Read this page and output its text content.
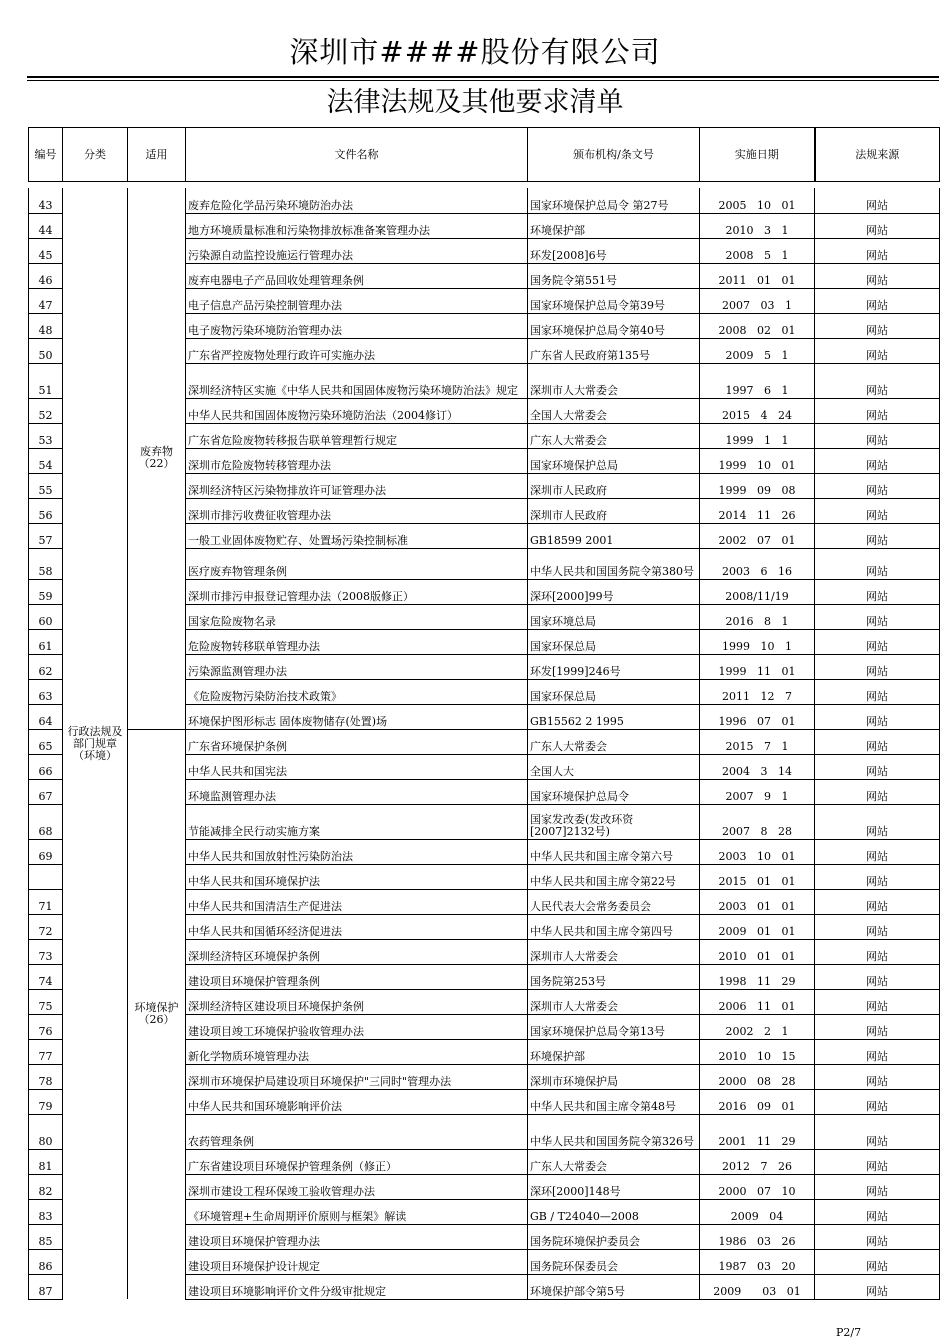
深圳市####股份有限公司
法律法规及其他要求清单
编号	分类	适用	文件名称	颁布机构/条文号	实施日期	法规来源

43	行政法规及部门规章（环境）	废弃物（22）	废弃危险化学品污染环境防治办法	国家环境保护总局令 第27号	2005   10   01	网站
44			地方环境质量标准和污染物排放标准备案管理办法	环境保护部	2010   3   1	网站
45			污染源自动监控设施运行管理办法	环发[2008]6号	2008   5   1	网站
46			废弃电器电子产品回收处理管理条例	国务院令第551号	2011   01   01	网站
47			电子信息产品污染控制管理办法	国家环境保护总局令第39号	2007   03   1	网站
48			电子废物污染环境防治管理办法	国家环境保护总局令第40号	2008   02   01	网站
50			广东省严控废物处理行政许可实施办法	广东省人民政府第135号	2009   5   1	网站
51			深圳经济特区实施《中华人民共和国固体废物污染环境防治法》规定	深圳市人大常委会	1997   6   1	网站
52			中华人民共和国固体废物污染环境防治法（2004修订）	全国人大常委会	2015   4   24	网站
53			广东省危险废物转移报告联单管理暂行规定	广东人大常委会	1999   1   1	网站
54			深圳市危险废物转移管理办法	国家环境保护总局	1999   10   01	网站
55			深圳经济特区污染物排放许可证管理办法	深圳市人民政府	1999   09   08	网站
56			深圳市排污收费征收管理办法	深圳市人民政府	2014   11   26	网站
57			一般工业固体废物贮存、处置场污染控制标准	GB18599 2001	2002   07   01	网站
58			医疗废弃物管理条例	中华人民共和国国务院令第380号	2003   6   16	网站
59			深圳市排污申报登记管理办法（2008版修正）	深环[2000]99号	2008/11/19	网站
60			国家危险废物名录	国家环境总局	2016   8   1	网站
61			危险废物转移联单管理办法	国家环保总局	1999   10   1	网站
62			污染源监测管理办法	环发[1999]246号	1999   11   01	网站
63			《危险废物污染防治技术政策》	国家环保总局	2011   12   7	网站
64			环境保护图形标志 固体废物储存(处置)场	GB15562 2 1995	1996   07   01	网站
65		环境保护（26）	广东省环境保护条例	广东人大常委会	2015   7   1	网站
66			中华人民共和国宪法	全国人大	2004   3   14	网站
67			环境监测管理办法	国家环境保护总局令	2007   9   1	网站
68			节能减排全民行动实施方案	国家发改委(发改环资[2007]2132号)	2007   8   28	网站
69			中华人民共和国放射性污染防治法	中华人民共和国主席令第六号	2003   10   01	网站
			中华人民共和国环境保护法	中华人民共和国主席令第22号	2015   01   01	网站
71			中华人民共和国清洁生产促进法	人民代表大会常务委员会	2003   01   01	网站
72			中华人民共和国循环经济促进法	中华人民共和国主席令第四号	2009   01   01	网站
73			深圳经济特区环境保护条例	深圳市人大常委会	2010   01   01	网站
74			建设项目环境保护管理条例	国务院第253号	1998   11   29	网站
75			深圳经济特区建设项目环境保护条例	深圳市人大常委会	2006   11   01	网站
76			建设项目竣工环境保护验收管理办法	国家环境保护总局令第13号	2002   2   1	网站
77			新化学物质环境管理办法	环境保护部	2010   10   15	网站
78			深圳市环境保护局建设项目环境保护"三同时"管理办法	深圳市环境保护局	2000   08   28	网站
79			中华人民共和国环境影响评价法	中华人民共和国主席令第48号	2016   09   01	网站
80			农药管理条例	中华人民共和国国务院令第326号	2001   11   29	网站
81			广东省建设项目环境保护管理条例（修正）	广东人大常委会	2012   7   26	网站
82			深圳市建设工程环保竣工验收管理办法	深环[2000]148号	2000   07   10	网站
83			《环境管理+生命周期评价原则与框架》解读	GB / T24040—2008	2009   04	网站
85			建设项目环境保护管理办法	国务院环境保护委员会	1986   03   26	网站
86			建设项目环境保护设计规定	国务院环保委员会	1987   03   20	网站
87			建设项目环境影响评价文件分级审批规定	环境保护部令第5号	2009      03   01	网站
P2/7
